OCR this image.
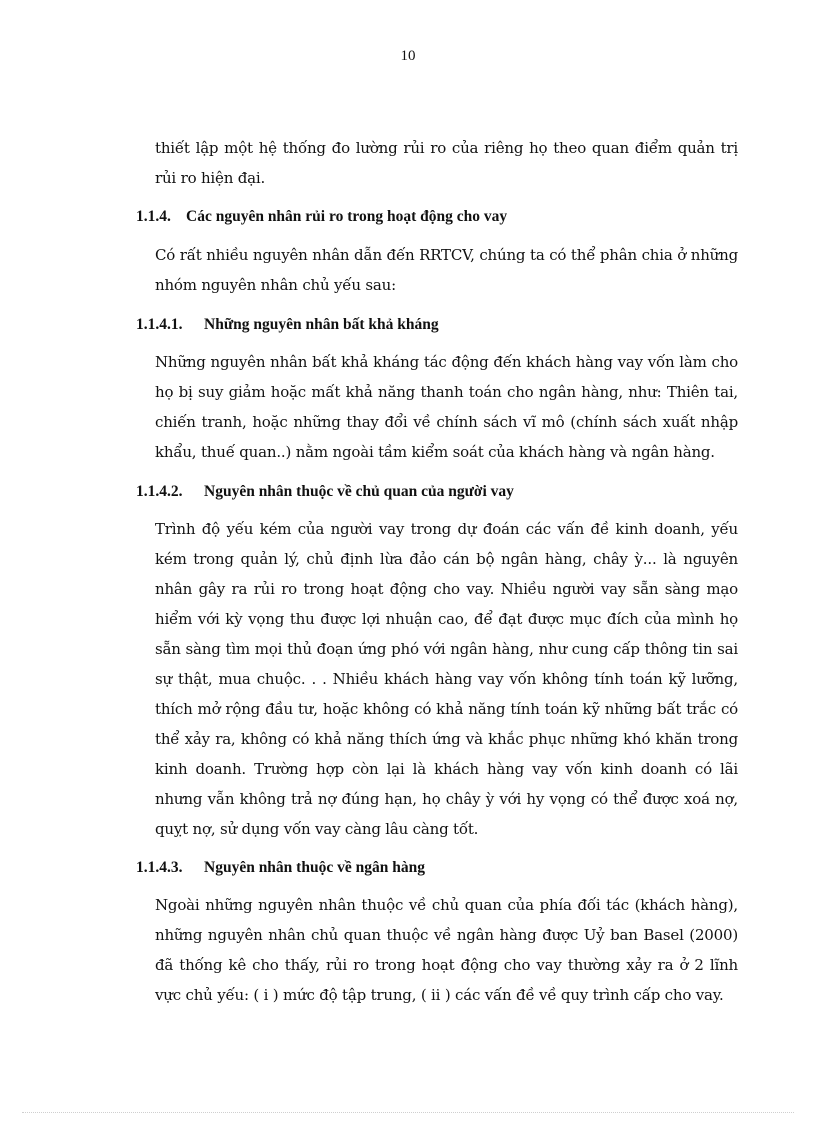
10

thiết lập một hệ thống đo lường rủi ro của riêng họ theo quan điểm quản trị rủi ro hiện đại.

1.1.4. Các nguyên nhân rủi ro trong hoạt động cho vay

Có rất nhiều nguyên nhân dẫn đến RRTCV, chúng ta có thể phân chia ở những nhóm nguyên nhân chủ yếu sau:

1.1.4.1. Những nguyên nhân bất khả kháng

Những nguyên nhân bất khả kháng tác động đến khách hàng vay vốn làm cho họ bị suy giảm hoặc mất khả năng thanh toán cho ngân hàng, như: Thiên tai, chiến tranh, hoặc những thay đổi về chính sách vĩ mô (chính sách xuất nhập khẩu, thuế quan..) nằm ngoài tầm kiểm soát của khách hàng và ngân hàng.

1.1.4.2. Nguyên nhân thuộc về chủ quan của người vay

Trình độ yếu kém của người vay trong dự đoán các vấn đề kinh doanh, yếu kém trong quản lý, chủ định lừa đảo cán bộ ngân hàng, chây ỳ... là nguyên nhân gây ra rủi ro trong hoạt động cho vay. Nhiều người vay sẵn sàng mạo hiểm với kỳ vọng thu được lợi nhuận cao, để đạt được mục đích của mình họ sẵn sàng tìm mọi thủ đoạn ứng phó với ngân hàng, như cung cấp thông tin sai sự thật, mua chuộc. . . Nhiều khách hàng vay vốn không tính toán kỹ lưỡng, thích mở rộng đầu tư, hoặc không có khả năng tính toán kỹ những bất trắc có thể xảy ra, không có khả năng thích ứng và khắc phục những khó khăn trong kinh doanh. Trường hợp còn lại là khách hàng vay vốn kinh doanh có lãi nhưng vẫn không trả nợ đúng hạn, họ chây ỳ với hy vọng có thể được xoá nợ, quỵt nợ, sử dụng vốn vay càng lâu càng tốt.

1.1.4.3. Nguyên nhân thuộc về ngân hàng

Ngoài những nguyên nhân thuộc về chủ quan của phía đối tác (khách hàng), những nguyên nhân chủ quan thuộc về ngân hàng được Uỷ ban Basel (2000) đã thống kê cho thấy, rủi ro trong hoạt động cho vay thường xảy ra ở 2 lĩnh vực chủ yếu: ( i ) mức độ tập trung, ( ii ) các vấn đề về quy trình cấp cho vay.
